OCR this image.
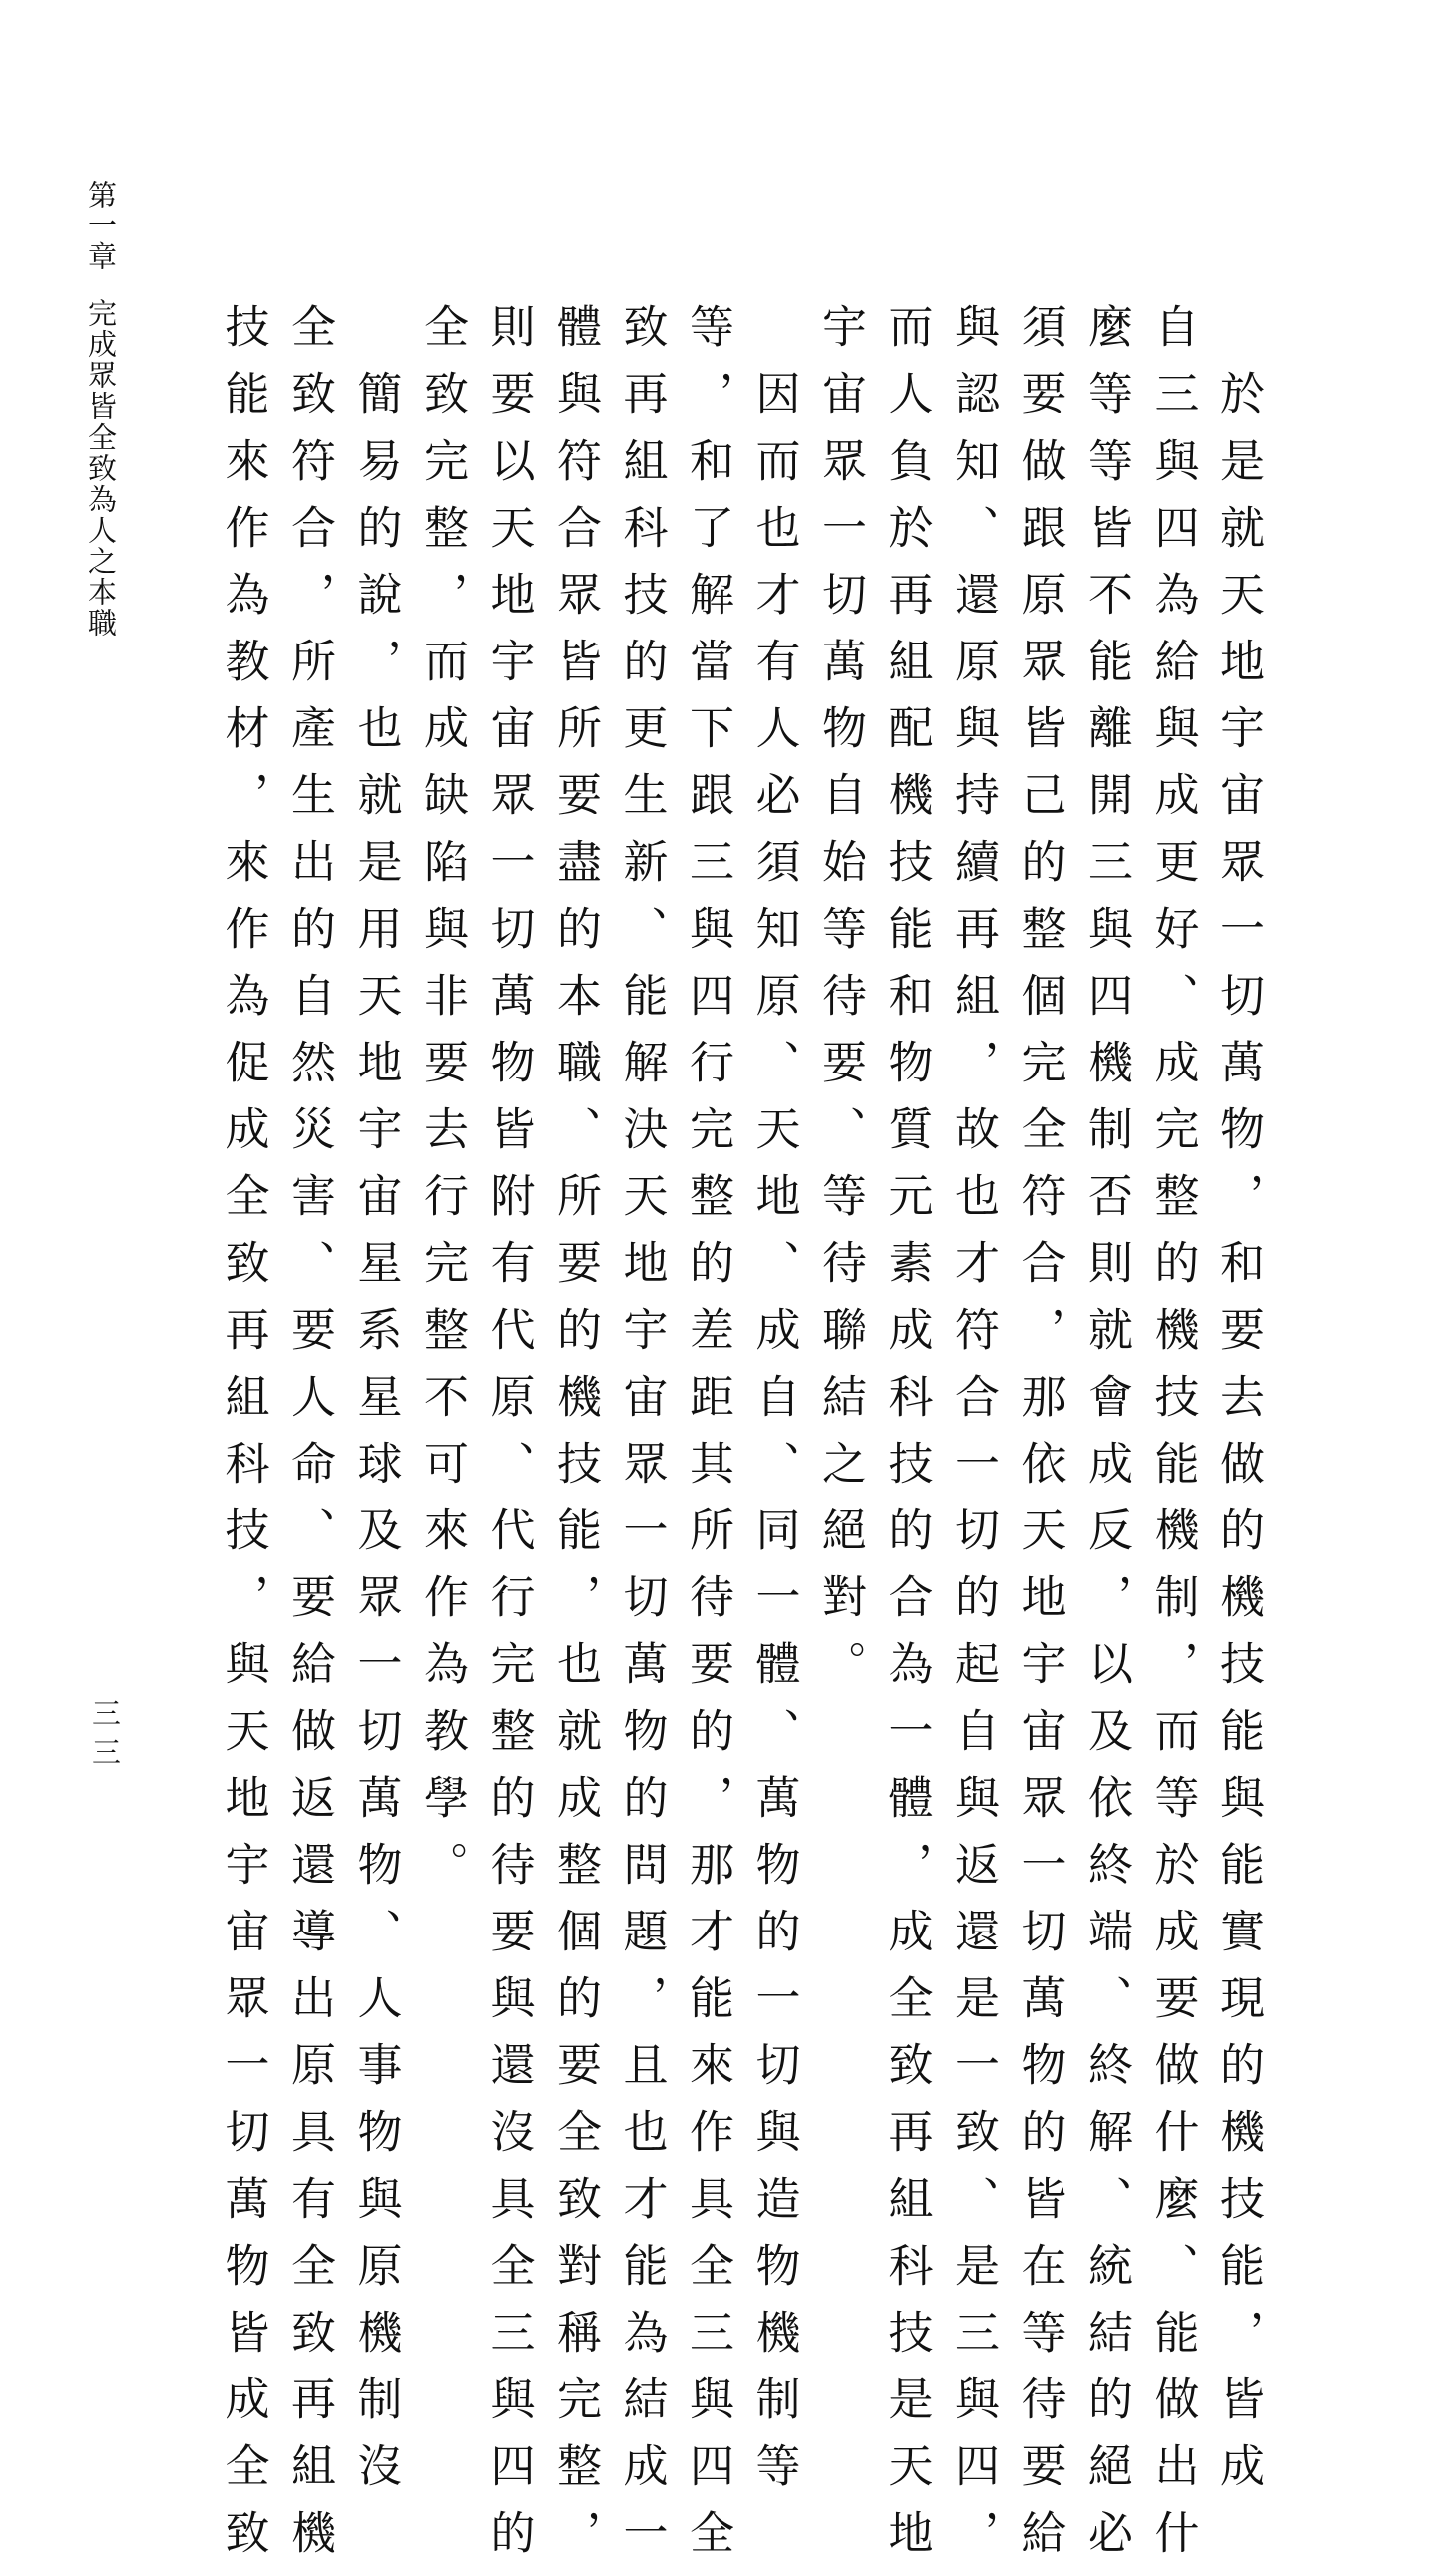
第一章完成眾皆全致為人之本職
三三	　於是就天地宇宙眾一切萬物，和要去做的機技能與能實現的機技能，皆成

自三與四為給與成更好、成完整的機技能機制，而等於成要做什麼、能做出什

麼等等皆不能離開三與四機制否則就會成反，以及依終端、終解、統結的絕必

須要做跟原眾皆己的整個完全符合，那依天地宇宙眾一切萬物的皆在等待要給

與認知、還原與持續再組，故也才符合一切的起自與返還是一致、是三與四，

而人負於再組配機技能和物質元素成科技的合為一體，成全致再組科技是天地

宇宙眾一切萬物自始等待要、等待聯結之絕對。

　因而也才有人必須知原、天地、成自、同一體、萬物的一切與造物機制等

等，和了解當下跟三與四行完整的差距其所待要的，那才能來作具全三與四全

致再組科技的更生新、能解決天地宇宙眾一切萬物的問題，且也才能為結成一

體與符合眾皆所要盡的本職、所要的機技能，也就成整個的要全致對稱完整，

則要以天地宇宙眾一切萬物皆附有代原、代行完整的待要與還沒具全三與四的

全致完整，而成缺陷與非要去行完整不可來作為教學。

　簡易的說，也就是用天地宇宙星系星球及眾一切萬物、人事物與原機制沒

全致符合，所產生出的自然災害、要人命、要給做返還導出原具有全致再組機

技能來作為教材，來作為促成全致再組科技，與天地宇宙眾一切萬物皆成全致
